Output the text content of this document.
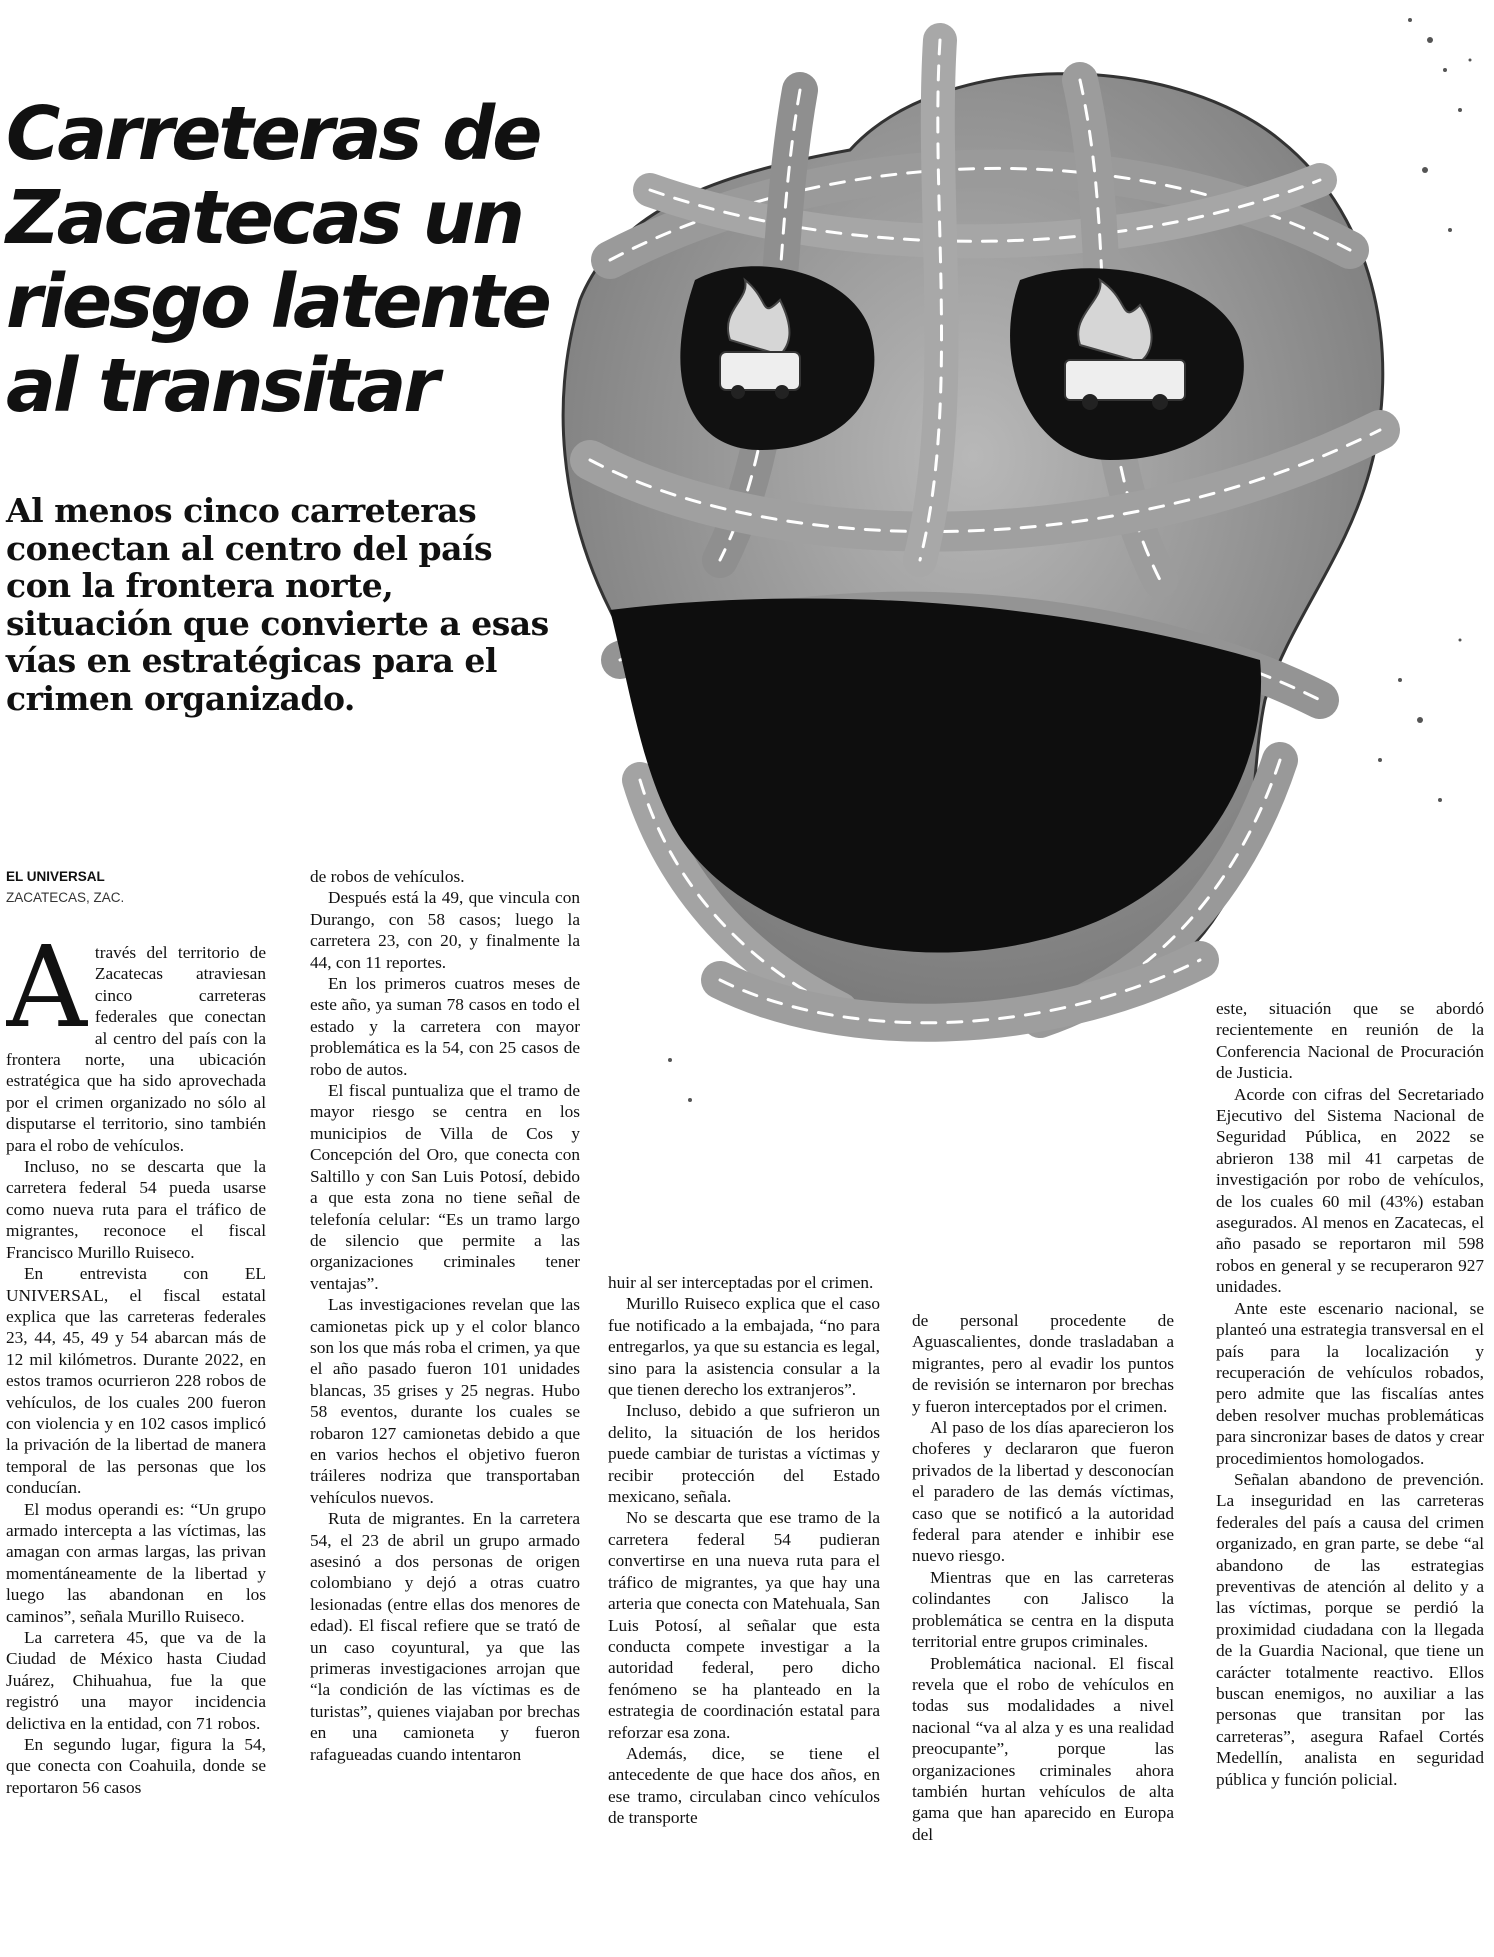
Carreteras de Zacatecas un riesgo latente al transitar
Al menos cinco carreteras conectan al centro del país con la frontera norte, situación que convierte a esas vías en estratégicas para el crimen organizado.
EL UNIVERSAL
ZACATECAS, ZAC.

Através del territorio de Zacatecas atraviesan cinco carreteras federales que conectan al centro del país con la frontera norte, una ubicación estratégica que ha sido aprovechada por el crimen organizado no sólo al disputarse el territorio, sino también para el robo de vehículos.

Incluso, no se descarta que la carretera federal 54 pueda usarse como nueva ruta para el tráfico de migrantes, reconoce el fiscal Francisco Murillo Ruiseco.

En entrevista con EL UNIVERSAL, el fiscal estatal explica que las carreteras federales 23, 44, 45, 49 y 54 abarcan más de 12 mil kilómetros. Durante 2022, en estos tramos ocurrieron 228 robos de vehículos, de los cuales 200 fueron con violencia y en 102 casos implicó la privación de la libertad de manera temporal de las personas que los conducían.

El modus operandi es: “Un grupo armado intercepta a las víctimas, las amagan con armas largas, las privan momentáneamente de la libertad y luego las abandonan en los caminos”, señala Murillo Ruiseco.

La carretera 45, que va de la Ciudad de México hasta Ciudad Juárez, Chihuahua, fue la que registró una mayor incidencia delictiva en la entidad, con 71 robos.

En segundo lugar, figura la 54, que conecta con Coahuila, donde se reportaron 56 casos

de robos de vehículos.

Después está la 49, que vincula con Durango, con 58 casos; luego la carretera 23, con 20, y finalmente la 44, con 11 reportes.

En los primeros cuatros meses de este año, ya suman 78 casos en todo el estado y la carretera con mayor problemática es la 54, con 25 casos de robo de autos.

El fiscal puntualiza que el tramo de mayor riesgo se centra en los municipios de Villa de Cos y Concepción del Oro, que conecta con Saltillo y con San Luis Potosí, debido a que esta zona no tiene señal de telefonía celular: “Es un tramo largo de silencio que permite a las organizaciones criminales tener ventajas”.

Las investigaciones revelan que las camionetas pick up y el color blanco son los que más roba el crimen, ya que el año pasado fueron 101 unidades blancas, 35 grises y 25 negras. Hubo 58 eventos, durante los cuales se robaron 127 camionetas debido a que en varios hechos el objetivo fueron tráileres nodriza que transportaban vehículos nuevos.

Ruta de migrantes. En la carretera 54, el 23 de abril un grupo armado asesinó a dos personas de origen colombiano y dejó a otras cuatro lesionadas (entre ellas dos menores de edad). El fiscal refiere que se trató de un caso coyuntural, ya que las primeras investigaciones arrojan que “la condición de las víctimas es de turistas”, quienes viajaban por brechas en una camioneta y fueron rafagueadas cuando intentaron

huir al ser interceptadas por el crimen.

Murillo Ruiseco explica que el caso fue notificado a la embajada, “no para entregarlos, ya que su estancia es legal, sino para la asistencia consular a la que tienen derecho los extranjeros”.

Incluso, debido a que sufrieron un delito, la situación de los heridos puede cambiar de turistas a víctimas y recibir protección del Estado mexicano, señala.

No se descarta que ese tramo de la carretera federal 54 pudieran convertirse en una nueva ruta para el tráfico de migrantes, ya que hay una arteria que conecta con Matehuala, San Luis Potosí, al señalar que esta conducta compete investigar a la autoridad federal, pero dicho fenómeno se ha planteado en la estrategia de coordinación estatal para reforzar esa zona.

Además, dice, se tiene el antecedente de que hace dos años, en ese tramo, circulaban cinco vehículos de transporte

de personal procedente de Aguascalientes, donde trasladaban a migrantes, pero al evadir los puntos de revisión se internaron por brechas y fueron interceptados por el crimen.

Al paso de los días aparecieron los choferes y declararon que fueron privados de la libertad y desconocían el paradero de las demás víctimas, caso que se notificó a la autoridad federal para atender e inhibir ese nuevo riesgo.

Mientras que en las carreteras colindantes con Jalisco la problemática se centra en la disputa territorial entre grupos criminales.

Problemática nacional. El fiscal revela que el robo de vehículos en todas sus modalidades a nivel nacional “va al alza y es una realidad preocupante”, porque las organizaciones criminales ahora también hurtan vehículos de alta gama que han aparecido en Europa del

este, situación que se abordó recientemente en reunión de la Conferencia Nacional de Procuración de Justicia.

Acorde con cifras del Secretariado Ejecutivo del Sistema Nacional de Seguridad Pública, en 2022 se abrieron 138 mil 41 carpetas de investigación por robo de vehículos, de los cuales 60 mil (43%) estaban asegurados. Al menos en Zacatecas, el año pasado se reportaron mil 598 robos en general y se recuperaron 927 unidades.

Ante este escenario nacional, se planteó una estrategia transversal en el país para la localización y recuperación de vehículos robados, pero admite que las fiscalías antes deben resolver muchas problemáticas para sincronizar bases de datos y crear procedimientos homologados.

Señalan abandono de prevención. La inseguridad en las carreteras federales del país a causa del crimen organizado, en gran parte, se debe “al abandono de las estrategias preventivas de atención al delito y a las víctimas, porque se perdió la proximidad ciudadana con la llegada de la Guardia Nacional, que tiene un carácter totalmente reactivo. Ellos buscan enemigos, no auxiliar a las personas que transitan por las carreteras”, asegura Rafael Cortés Medellín, analista en seguridad pública y función policial.
